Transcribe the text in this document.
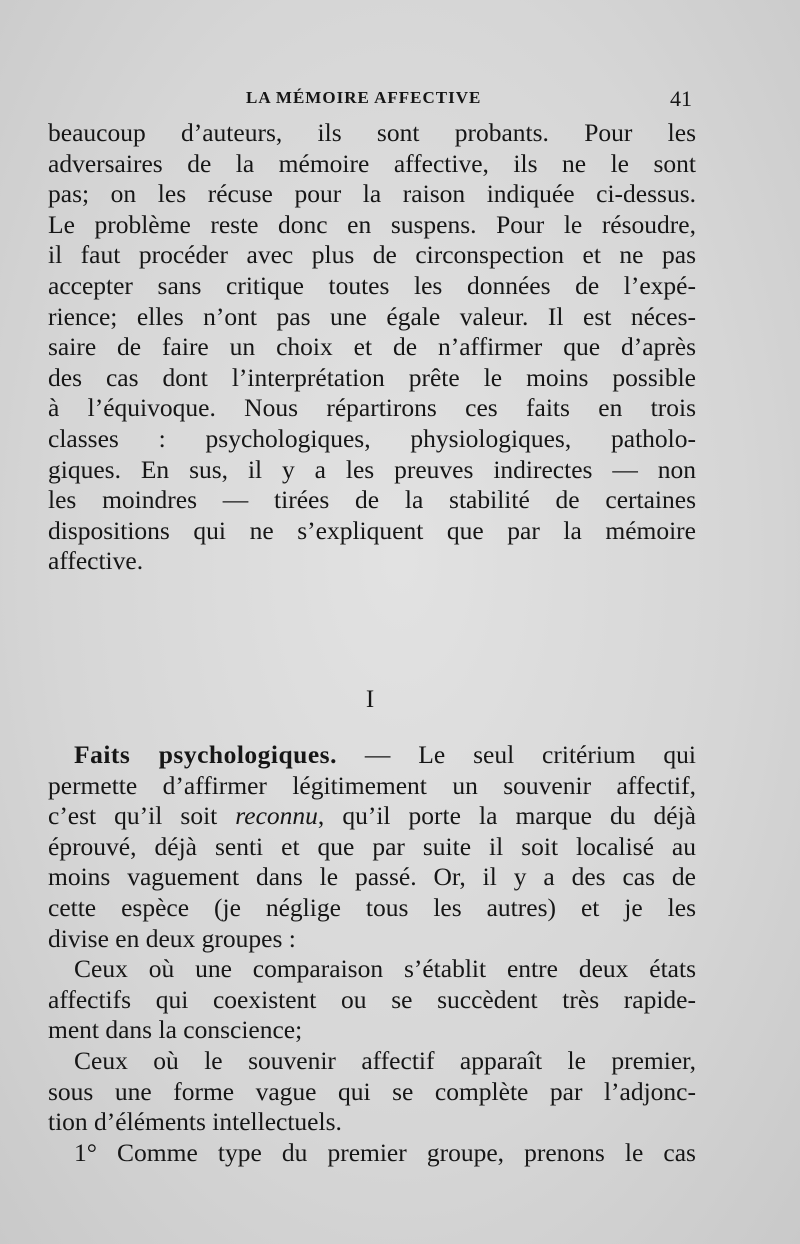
LA MÉMOIRE AFFECTIVE	41
beaucoup d’auteurs, ils sont probants. Pour les
adversaires de la mémoire affective, ils ne le sont
pas; on les récuse pour la raison indiquée ci-dessus.
Le problème reste donc en suspens. Pour le résoudre,
il faut procéder avec plus de circonspection et ne pas
accepter sans critique toutes les données de l’expé-
rience; elles n’ont pas une égale valeur. Il est néces-
saire de faire un choix et de n’affirmer que d’après
des cas dont l’interprétation prête le moins possible
à l’équivoque. Nous répartirons ces faits en trois
classes : psychologiques, physiologiques, patholo-
giques. En sus, il y a les preuves indirectes — non
les moindres — tirées de la stabilité de certaines
dispositions qui ne s’expliquent que par la mémoire
affective.
I
Faits psychologiques. — Le seul critérium qui
permette d’affirmer légitimement un souvenir affectif,
c’est qu’il soit reconnu, qu’il porte la marque du déjà
éprouvé, déjà senti et que par suite il soit localisé au
moins vaguement dans le passé. Or, il y a des cas de
cette espèce (je néglige tous les autres) et je les
divise en deux groupes :
Ceux où une comparaison s’établit entre deux états
affectifs qui coexistent ou se succèdent très rapide-
ment dans la conscience;
Ceux où le souvenir affectif apparaît le premier,
sous une forme vague qui se complète par l’adjonc-
tion d’éléments intellectuels.
1° Comme type du premier groupe, prenons le cas
